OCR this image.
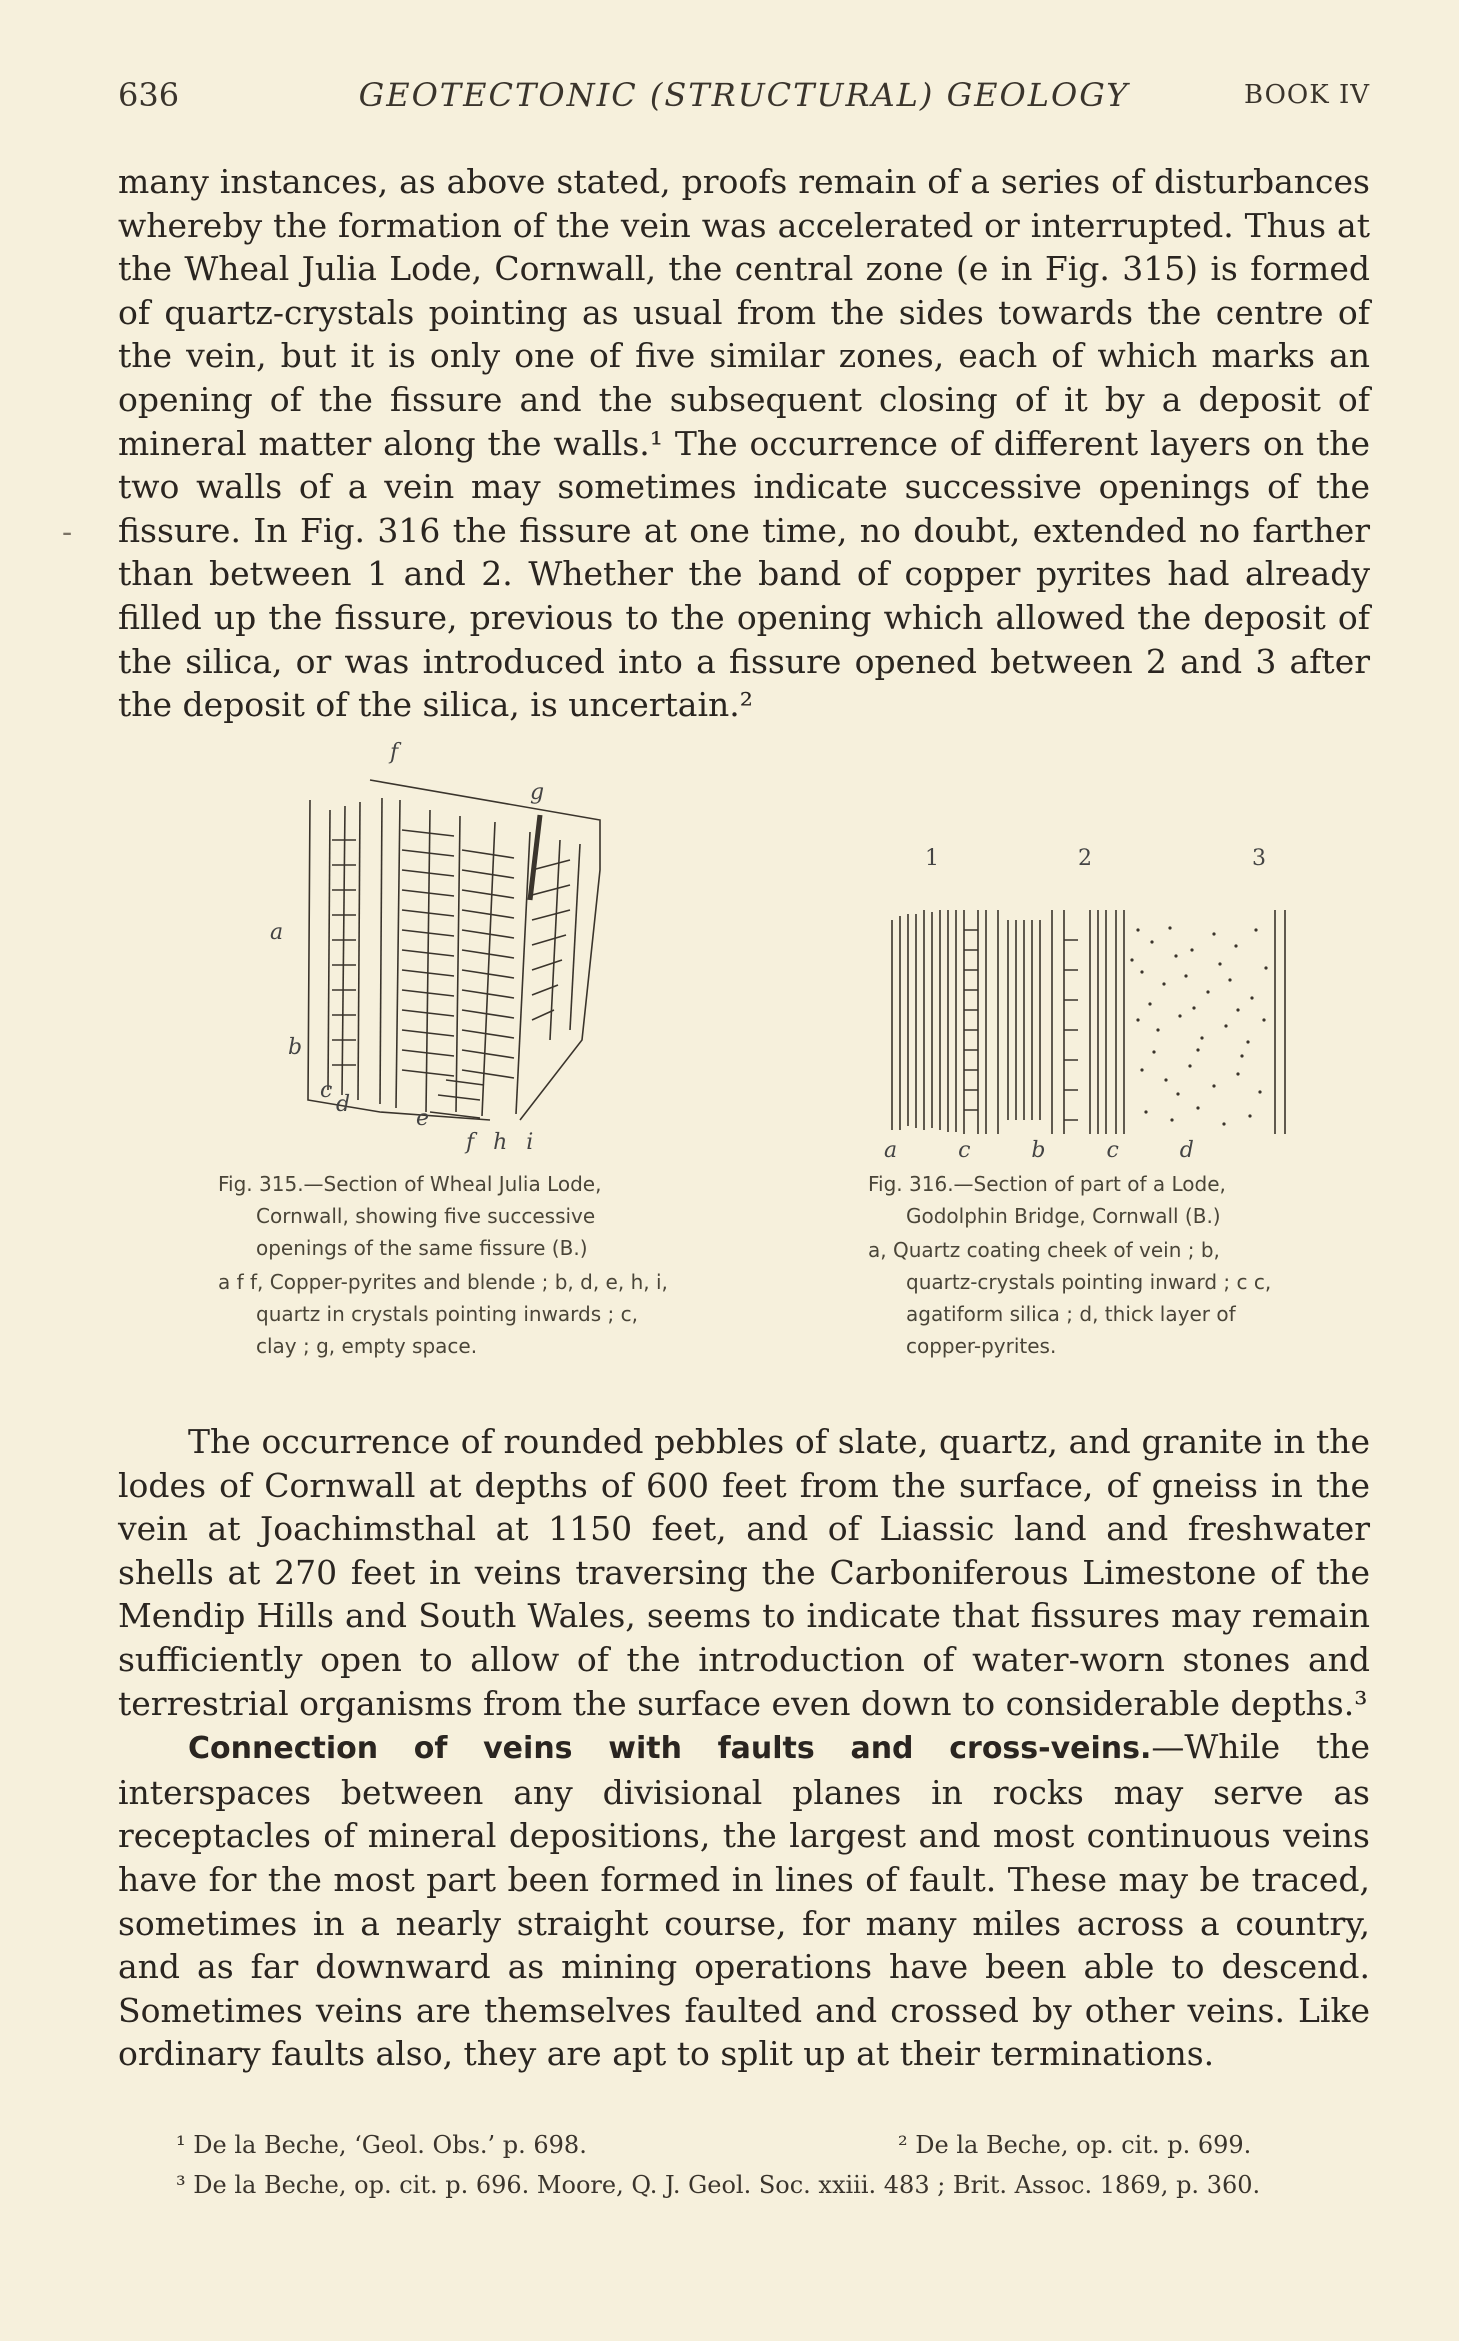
636	GEOTECTONIC (STRUCTURAL) GEOLOGY	BOOK IV
many instances, as above stated, proofs remain of a series of disturbances whereby the formation of the vein was accelerated or interrupted. Thus at the Wheal Julia Lode, Cornwall, the central zone (e in Fig. 315) is formed of quartz-crystals pointing as usual from the sides towards the centre of the vein, but it is only one of five similar zones, each of which marks an opening of the fissure and the subsequent closing of it by a deposit of mineral matter along the walls.¹ The occurrence of different layers on the two walls of a vein may sometimes indicate successive openings of the fissure. In Fig. 316 the fissure at one time, no doubt, extended no farther than between 1 and 2. Whether the band of copper pyrites had already filled up the fissure, previous to the opening which allowed the deposit of the silica, or was introduced into a fissure opened between 2 and 3 after the deposit of the silica, is uncertain.²
-
f
g
a
b
c
d
e
f h i
Fig. 315.—Section of Wheal Julia Lode, Cornwall, showing five successive openings of the same fissure (B.)
a f f, Copper-pyrites and blende ; b, d, e, h, i, quartz in crystals pointing inwards ; c, clay ; g, empty space.
1	2	3
a   c   b   c   d
Fig. 316.—Section of part of a Lode, Godolphin Bridge, Cornwall (B.)
a, Quartz coating cheek of vein ; b, quartz-crystals pointing inward ; c c, agatiform silica ; d, thick layer of copper-pyrites.
The occurrence of rounded pebbles of slate, quartz, and granite in the lodes of Cornwall at depths of 600 feet from the surface, of gneiss in the vein at Joachimsthal at 1150 feet, and of Liassic land and freshwater shells at 270 feet in veins traversing the Carboniferous Limestone of the Mendip Hills and South Wales, seems to indicate that fissures may remain sufficiently open to allow of the introduction of water-worn stones and terrestrial organisms from the surface even down to considerable depths.³
Connection of veins with faults and cross-veins.—While the interspaces between any divisional planes in rocks may serve as receptacles of mineral depositions, the largest and most continuous veins have for the most part been formed in lines of fault. These may be traced, sometimes in a nearly straight course, for many miles across a country, and as far downward as mining operations have been able to descend. Sometimes veins are themselves faulted and crossed by other veins. Like ordinary faults also, they are apt to split up at their terminations.
¹ De la Beche, ‘Geol. Obs.’ p. 698.	² De la Beche, op. cit. p. 699.
³ De la Beche, op. cit. p. 696. Moore, Q. J. Geol. Soc. xxiii. 483 ; Brit. Assoc. 1869, p. 360.
